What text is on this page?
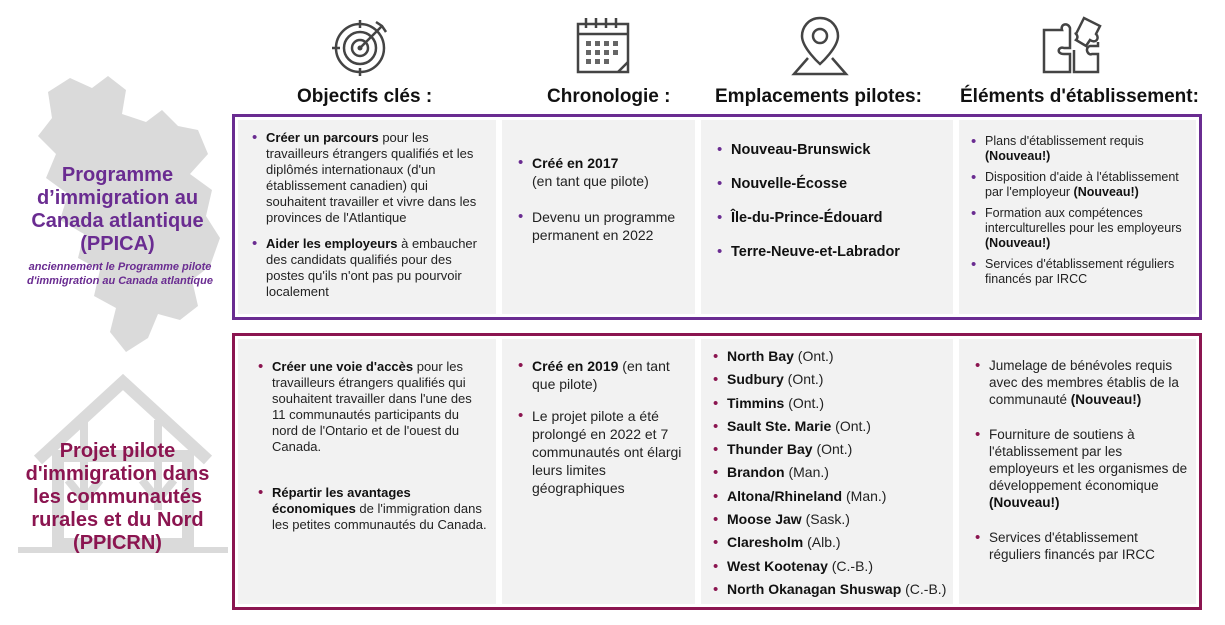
Objectifs clés :	Chronologie : Emplacements pilotes: Éléments d'établissement:
Programme d’immigration au Canada atlantique (PPICA)
anciennement le Programme pilote d'immigration au Canada atlantique
Projet pilote d'immigration dans les communautés rurales et du Nord (PPICRN)
• Créer un parcours pour les travailleurs étrangers qualifiés et les diplômés internationaux (d'un établissement canadien) qui souhaitent travailler et vivre dans les provinces de l'Atlantique
• Aider les employeurs à embaucher des candidats qualifiés pour des postes qu'ils n'ont pas pu pourvoir localement
• Créé en 2017
(en tant que pilote)
• Devenu un programme permanent en 2022
• Nouveau-Brunswick
• Nouvelle-Écosse
• Île-du-Prince-Édouard
• Terre-Neuve-et-Labrador
• Plans d'établissement requis (Nouveau!)
• Disposition d'aide à l'établissement par l'employeur (Nouveau!)
• Formation aux compétences interculturelles pour les employeurs (Nouveau!)
• Services d'établissement réguliers financés par IRCC
• Créer une voie d'accès pour les travailleurs étrangers qualifiés qui souhaitent travailler dans l'une des 11 communautés participants du nord de l'Ontario et de l'ouest du Canada.
• Répartir les avantages économiques de l'immigration dans les petites communautés du Canada.
• Créé en 2019 (en tant que pilote)
• Le projet pilote a été prolongé en 2022 et 7 communautés ont élargi leurs limites géographiques
• North Bay (Ont.)
• Sudbury (Ont.)
• Timmins (Ont.)
• Sault Ste. Marie (Ont.)
• Thunder Bay (Ont.)
• Brandon (Man.)
• Altona/Rhineland (Man.)
• Moose Jaw (Sask.)
• Claresholm (Alb.)
• West Kootenay (C.-B.)
• North Okanagan Shuswap (C.-B.)
• Jumelage de bénévoles requis avec des membres établis de la communauté (Nouveau!)
• Fourniture de soutiens à l'établissement par les employeurs et les organismes de développement économique (Nouveau!)
• Services d'établissement réguliers financés par IRCC
